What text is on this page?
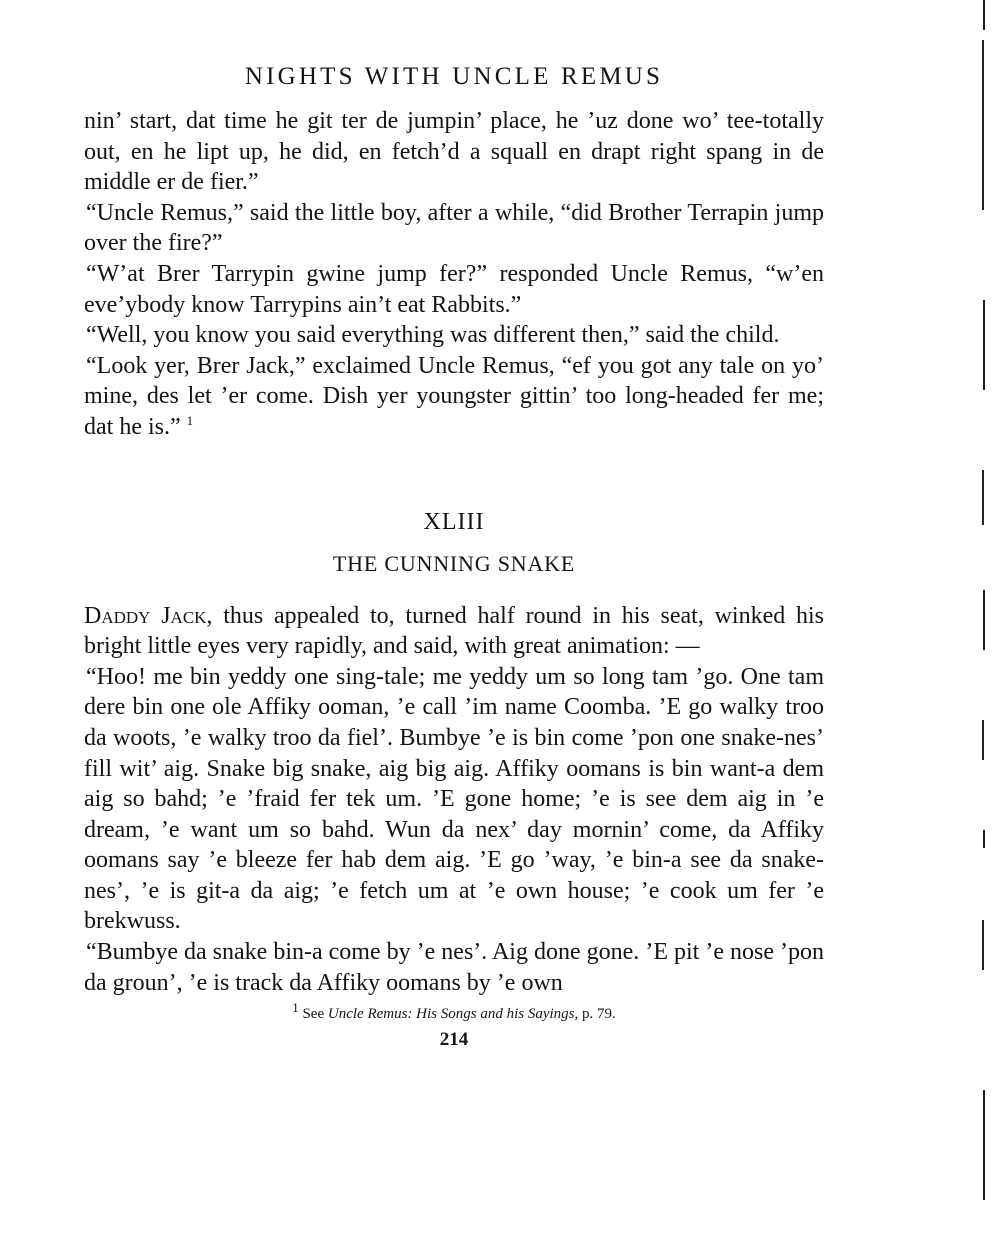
NIGHTS WITH UNCLE REMUS

nin’ start, dat time he git ter de jumpin’ place, he ’uz done wo’ tee-totally out, en he lipt up, he did, en fetch’d a squall en drapt right spang in de middle er de fier.”

“Uncle Remus,” said the little boy, after a while, “did Brother Terrapin jump over the fire?”

“W’at Brer Tarrypin gwine jump fer?” responded Uncle Remus, “w’en eve’ybody know Tarrypins ain’t eat Rabbits.”

“Well, you know you said everything was different then,” said the child.

“Look yer, Brer Jack,” exclaimed Uncle Remus, “ef you got any tale on yo’ mine, des let ’er come. Dish yer youngster gittin’ too long-headed fer me; dat he is.” $^1$

XLIII
THE CUNNING SNAKE

Daddy Jack, thus appealed to, turned half round in his seat, winked his bright little eyes very rapidly, and said, with great animation: —

“Hoo! me bin yeddy one sing-tale; me yeddy um so long tam ’go. One tam dere bin one ole Affiky ooman, ’e call ’im name Coomba. ’E go walky troo da woots, ’e walky troo da fiel’. Bumbye ’e is bin come ’pon one snake-nes’ fill wit’ aig. Snake big snake, aig big aig. Affiky oomans is bin want-a dem aig so bahd; ’e ’fraid fer tek um. ’E gone home; ’e is see dem aig in ’e dream, ’e want um so bahd. Wun da nex’ day mornin’ come, da Affiky oomans say ’e bleeze fer hab dem aig. ’E go ’way, ’e bin-a see da snake-nes’, ’e is git-a da aig; ’e fetch um at ’e own house; ’e cook um fer ’e brekwuss.

“Bumbye da snake bin-a come by ’e nes’. Aig done gone. ’E pit ’e nose ’pon da groun’, ’e is track da Affiky oomans by ’e own

1 See Uncle Remus: His Songs and his Sayings, p. 79.
214
